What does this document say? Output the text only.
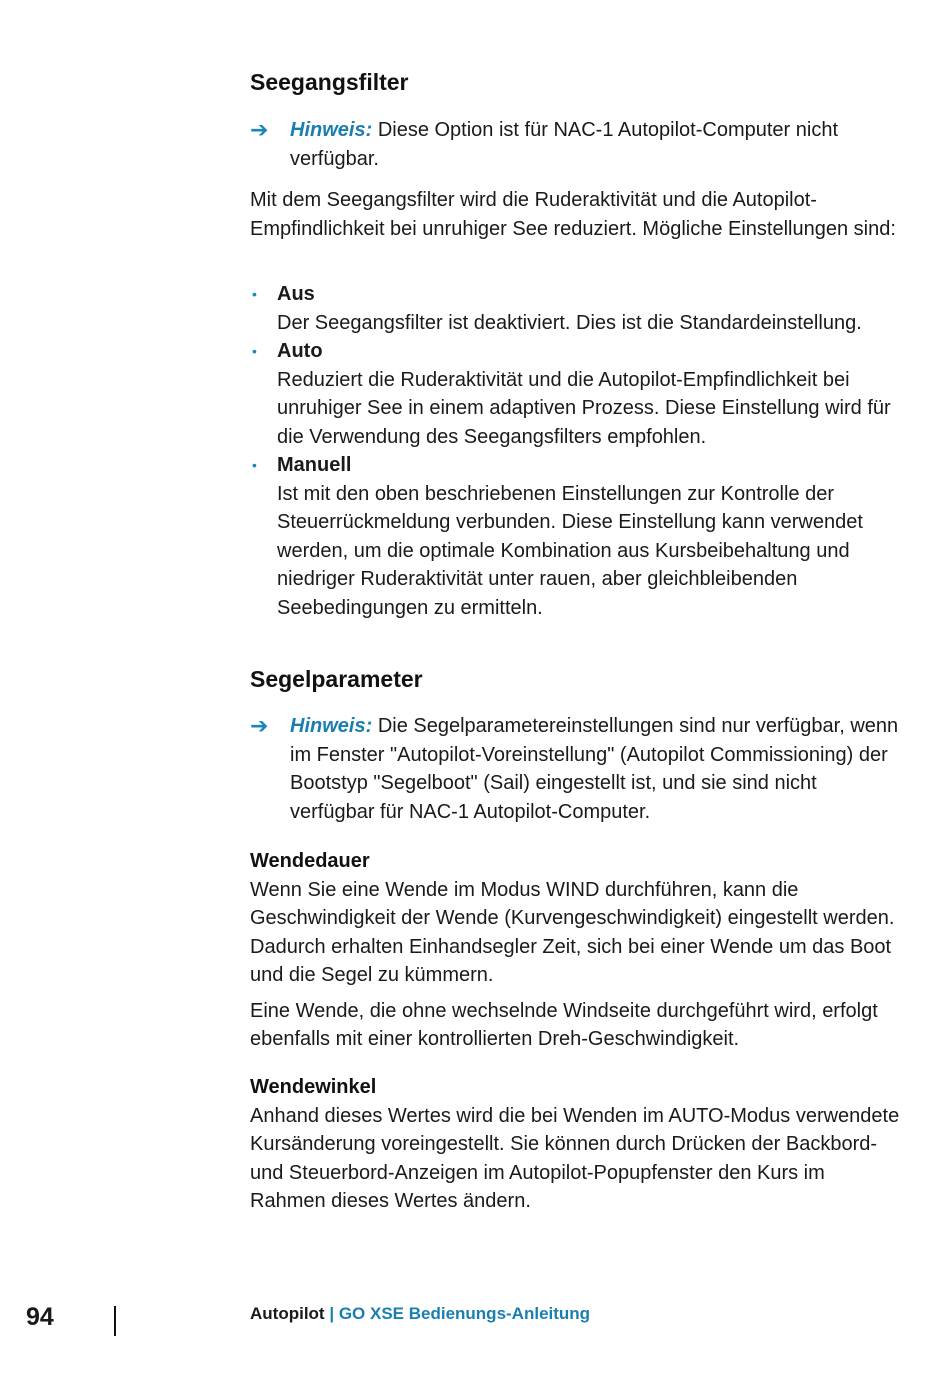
Seegangsfilter
➔ Hinweis: Diese Option ist für NAC-1 Autopilot-Computer nicht verfügbar.
Mit dem Seegangsfilter wird die Ruderaktivität und die Autopilot-Empfindlichkeit bei unruhiger See reduziert. Mögliche Einstellungen sind:
• Aus
Der Seegangsfilter ist deaktiviert. Dies ist die Standardeinstellung.
• Auto
Reduziert die Ruderaktivität und die Autopilot-Empfindlichkeit bei unruhiger See in einem adaptiven Prozess. Diese Einstellung wird für die Verwendung des Seegangsfilters empfohlen.
• Manuell
Ist mit den oben beschriebenen Einstellungen zur Kontrolle der Steuerrückmeldung verbunden. Diese Einstellung kann verwendet werden, um die optimale Kombination aus Kursbeibehaltung und niedriger Ruderaktivität unter rauen, aber gleichbleibenden Seebedingungen zu ermitteln.
Segelparameter
➔ Hinweis: Die Segelparametereinstellungen sind nur verfügbar, wenn im Fenster "Autopilot-Voreinstellung" (Autopilot Commissioning) der Bootstyp "Segelboot" (Sail) eingestellt ist, und sie sind nicht verfügbar für NAC-1 Autopilot-Computer.
Wendedauer
Wenn Sie eine Wende im Modus WIND durchführen, kann die Geschwindigkeit der Wende (Kurvengeschwindigkeit) eingestellt werden. Dadurch erhalten Einhandsegler Zeit, sich bei einer Wende um das Boot und die Segel zu kümmern.
Eine Wende, die ohne wechselnde Windseite durchgeführt wird, erfolgt ebenfalls mit einer kontrollierten Dreh-Geschwindigkeit.
Wendewinkel
Anhand dieses Wertes wird die bei Wenden im AUTO-Modus verwendete Kursänderung voreingestellt. Sie können durch Drücken der Backbord- und Steuerbord-Anzeigen im Autopilot-Popupfenster den Kurs im Rahmen dieses Wertes ändern.
94	Autopilot | GO XSE Bedienungs-Anleitung
